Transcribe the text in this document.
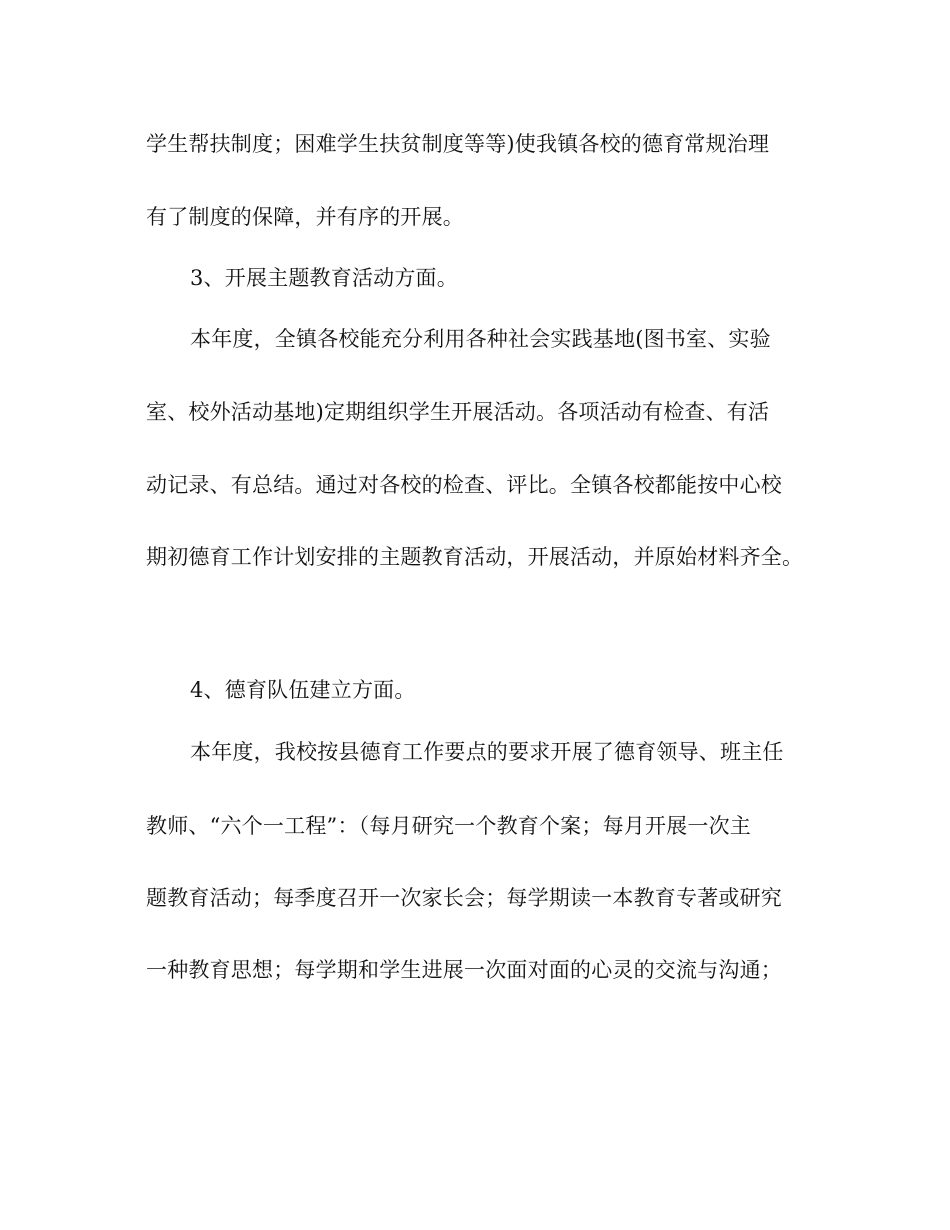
学生帮扶制度；困难学生扶贫制度等等)使我镇各校的德育常规治理
有了制度的保障，并有序的开展。
3、开展主题教育活动方面。
本年度，全镇各校能充分利用各种社会实践基地(图书室、实验
室、校外活动基地)定期组织学生开展活动。各项活动有检查、有活
动记录、有总结。通过对各校的检查、评比。全镇各校都能按中心校
期初德育工作计划安排的主题教育活动，开展活动，并原始材料齐全。
4、德育队伍建立方面。
本年度，我校按县德育工作要点的要求开展了德育领导、班主任
教师、“六个一工程”：（每月研究一个教育个案；每月开展一次主
题教育活动；每季度召开一次家长会；每学期读一本教育专著或研究
一种教育思想；每学期和学生进展一次面对面的心灵的交流与沟通；
